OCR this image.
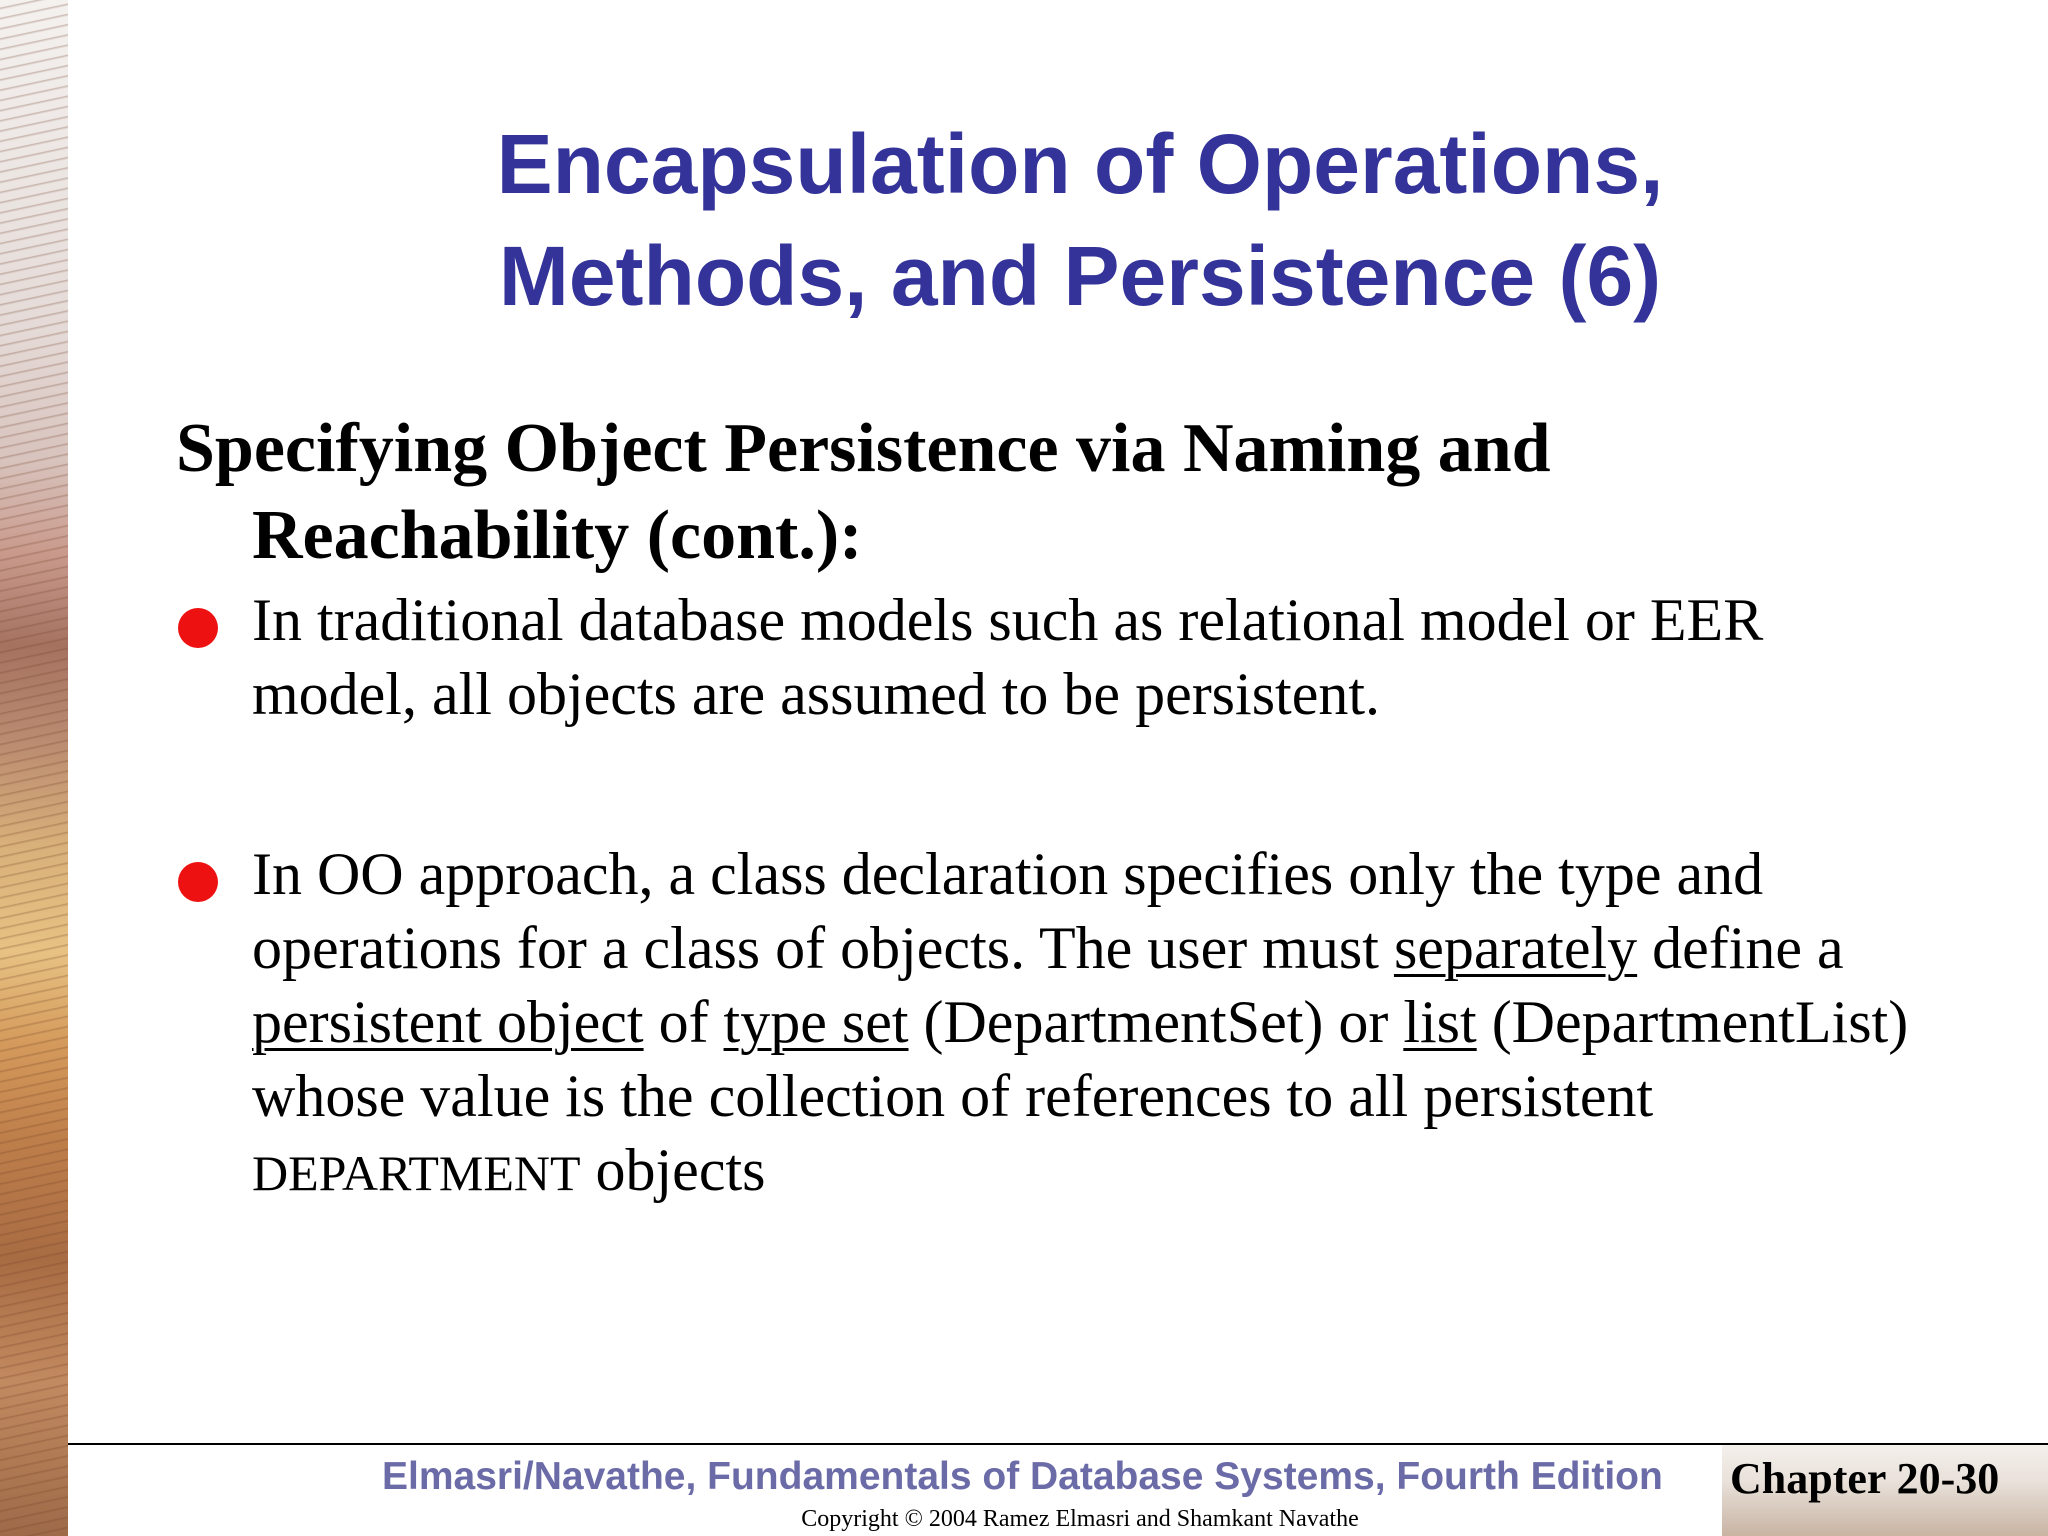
Encapsulation of Operations,
Methods, and Persistence (6)

Specifying Object Persistence via Naming and Reachability (cont.):

In traditional database models such as relational model or EER model, all objects are assumed to be persistent.

In OO approach, a class declaration specifies only the type and operations for a class of objects. The user must separately define a persistent object of type set (DepartmentSet) or list (DepartmentList) whose value is the collection of references to all persistent DEPARTMENT objects

Elmasri/Navathe, Fundamentals of Database Systems, Fourth Edition Chapter 20-30

Copyright © 2004 Ramez Elmasri and Shamkant Navathe
